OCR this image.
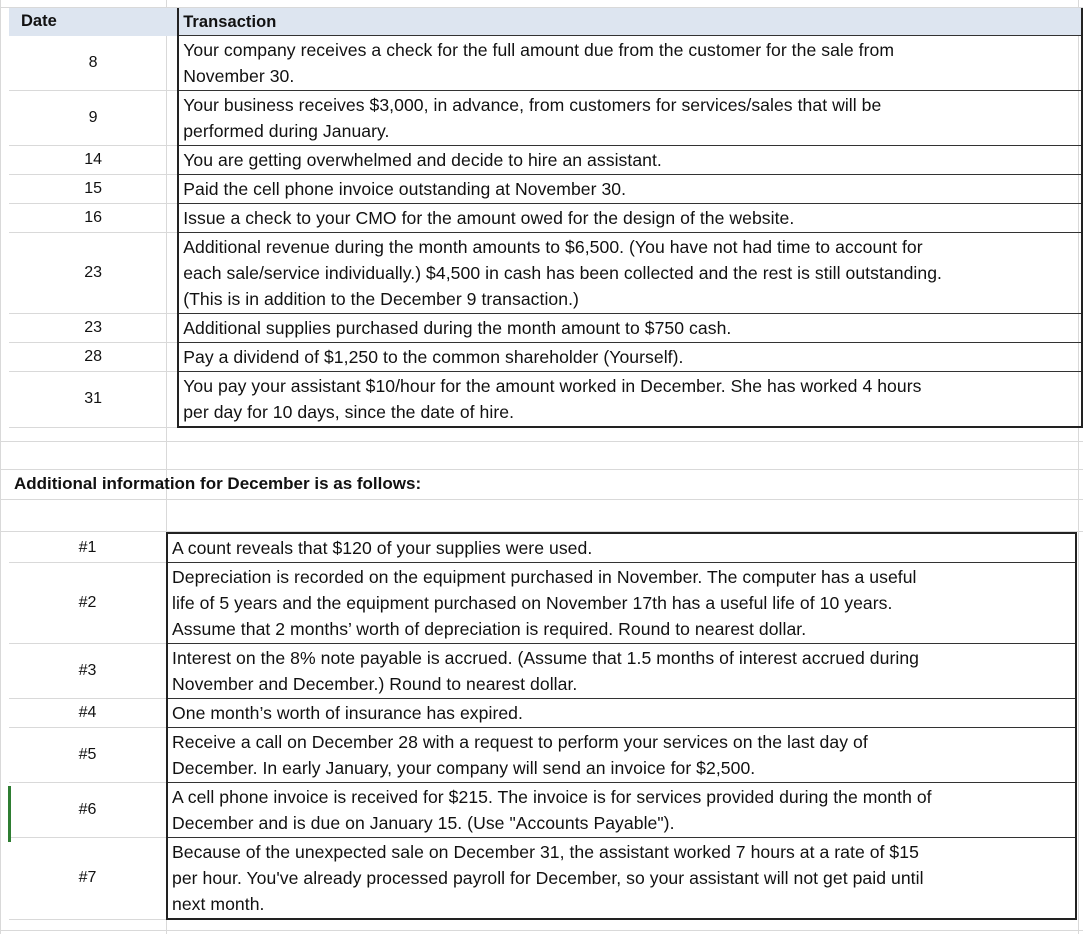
Date	Transaction
8	Your company receives a check for the full amount due from the customer for the sale from
November 30.

9	Your business receives $3,000, in advance, from customers for services/sales that will be
performed during January.

14	You are getting overwhelmed and decide to hire an assistant.

15	Paid the cell phone invoice outstanding at November 30.

16	Issue a check to your CMO for the amount owed for the design of the website.

23	Additional revenue during the month amounts to $6,500. (You have not had time to account for
each sale/service individually.) $4,500 in cash has been collected and the rest is still outstanding.
(This is in addition to the December 9 transaction.)

23	Additional supplies purchased during the month amount to $750 cash.

28	Pay a dividend of $1,250 to the common shareholder (Yourself).

31	You pay your assistant $10/hour for the amount worked in December. She has worked 4 hours
per day for 10 days, since the date of hire.
Additional information for December is as follows:
#1	A count reveals that $120 of your supplies were used.

#2	Depreciation is recorded on the equipment purchased in November. The computer has a useful
life of 5 years and the equipment purchased on November 17th has a useful life of 10 years.
Assume that 2 months’ worth of depreciation is required. Round to nearest dollar.

#3	Interest on the 8% note payable is accrued. (Assume that 1.5 months of interest accrued during
November and December.) Round to nearest dollar.

#4	One month’s worth of insurance has expired.

#5	Receive a call on December 28 with a request to perform your services on the last day of
December. In early January, your company will send an invoice for $2,500.

#6	A cell phone invoice is received for $215. The invoice is for services provided during the month of
December and is due on January 15. (Use "Accounts Payable").

#7	Because of the unexpected sale on December 31, the assistant worked 7 hours at a rate of $15
per hour. You've already processed payroll for December, so your assistant will not get paid until
next month.
